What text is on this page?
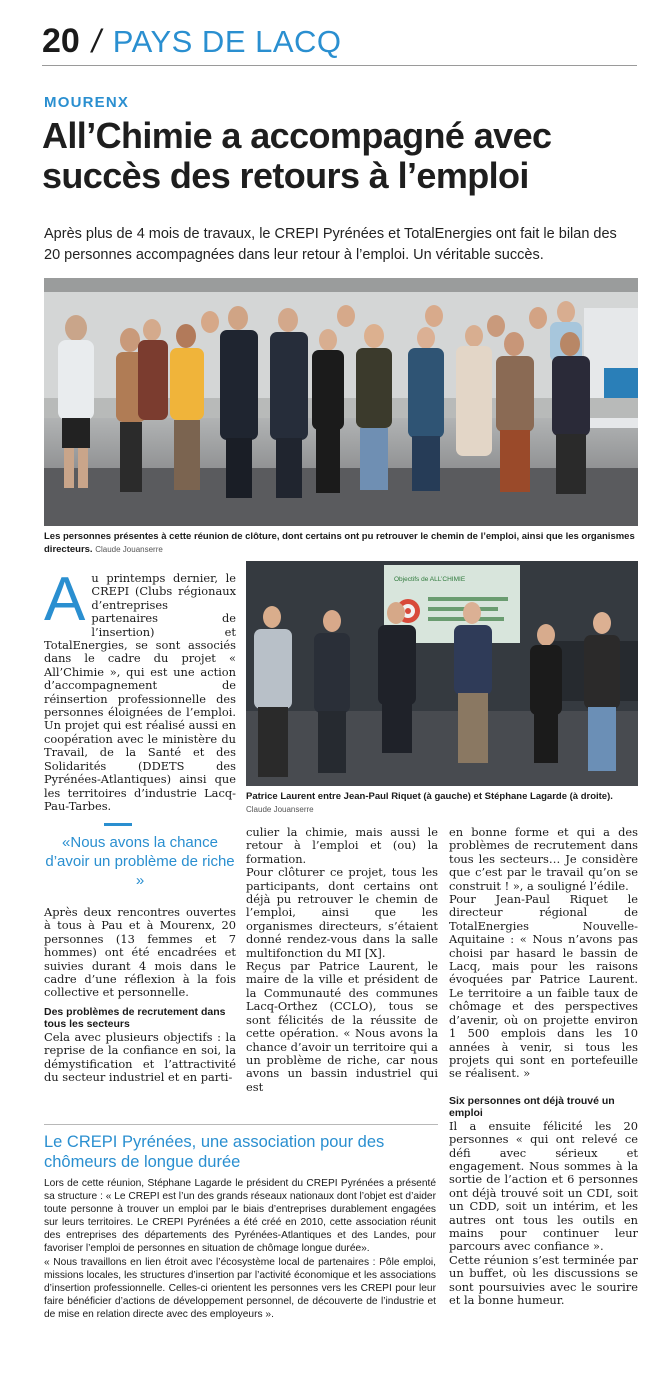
20 / PAYS DE LACQ
MOURENX
All’Chimie a accompagné avec succès des retours à l’emploi

Après plus de 4 mois de travaux, le CREPI Pyrénées et TotalEnergies ont fait le bilan des 20 personnes accompagnées dans leur retour à l’emploi. Un véritable succès.

Les personnes présentes à cette réunion de clôture, dont certains ont pu retrouver le chemin de l’emploi, ainsi que les organismes directeurs. Claude Jouanserre
Objectifs de ALL’CHIMIE
Patrice Laurent entre Jean-Paul Riquet (à gauche) et Stéphane Lagarde (à droite).
Claude Jouanserre
A u printemps dernier, le CREPI (Clubs régionaux d’entreprises partenaires de l’insertion) et TotalEnergies, se sont associés dans le cadre du projet « All’Chimie », qui est une action d’accompagnement de réinsertion professionnelle des personnes éloignées de l’emploi. Un projet qui est réalisé aussi en coopération avec le ministère du Travail, de la Santé et des Solidarités (DDETS des Pyrénées-Atlantiques) ainsi que les territoires d’industrie Lacq-Pau-Tarbes.
«Nous avons la chance d’avoir un problème de riche »

Après deux rencontres ouvertes à tous à Pau et à Mourenx, 20 personnes (13 femmes et 7 hommes) ont été encadrées et suivies durant 4 mois dans le cadre d’une réflexion à la fois collective et personnelle.

Des problèmes de recrutement dans tous les secteurs

Cela avec plusieurs objectifs : la reprise de la confiance en soi, la démystification et l’attractivité du secteur industriel et en parti-

culier la chimie, mais aussi le retour à l’emploi et (ou) la formation.

Pour clôturer ce projet, tous les participants, dont certains ont déjà pu retrouver le chemin de l’emploi, ainsi que les organismes directeurs, s’étaient donné rendez-vous dans la salle multifonction du MI [X].

Reçus par Patrice Laurent, le maire de la ville et président de la Communauté des communes Lacq-Orthez (CCLO), tous se sont félicités de la réussite de cette opération. « Nous avons la chance d’avoir un territoire qui a un problème de riche, car nous avons un bassin industriel qui est

en bonne forme et qui a des problèmes de recrutement dans tous les secteurs… Je considère que c’est par le travail qu’on se construit ! », a souligné l’édile.

Pour Jean-Paul Riquet le directeur régional de TotalEnergies Nouvelle-Aquitaine : « Nous n’avons pas choisi par hasard le bassin de Lacq, mais pour les raisons évoquées par Patrice Laurent. Le territoire a un faible taux de chômage et des perspectives d’avenir, où on projette environ 1 500 emplois dans les 10 années à venir, si tous les projets qui sont en portefeuille se réalisent. »

Six personnes ont déjà trouvé un emploi

Il a ensuite félicité les 20 personnes « qui ont relevé ce défi avec sérieux et engagement. Nous sommes à la sortie de l’action et 6 personnes ont déjà trouvé soit un CDI, soit un CDD, soit un intérim, et les autres ont tous les outils en mains pour continuer leur parcours avec confiance ».

Cette réunion s’est terminée par un buffet, où les discussions se sont poursuivies avec le sourire et la bonne humeur.

Le CREPI Pyrénées, une association pour des chômeurs de longue durée

Lors de cette réunion, Stéphane Lagarde le président du CREPI Pyrénées a présenté sa structure : « Le CREPI est l’un des grands réseaux nationaux dont l’objet est d’aider toute personne à trouver un emploi par le biais d’entreprises durablement engagées sur leurs territoires. Le CREPI Pyrénées a été créé en 2010, cette association réunit des entreprises des départements des Pyrénées-Atlantiques et des Landes, pour favoriser l’emploi de personnes en situation de chômage longue durée».

« Nous travaillons en lien étroit avec l’écosystème local de partenaires : Pôle emploi, missions locales, les structures d’insertion par l’activité économique et les associations d’insertion professionnelle. Celles-ci orientent les personnes vers les CREPI pour leur faire bénéficier d’actions de développement personnel, de découverte de l’industrie et de mise en relation directe avec des employeurs ».
